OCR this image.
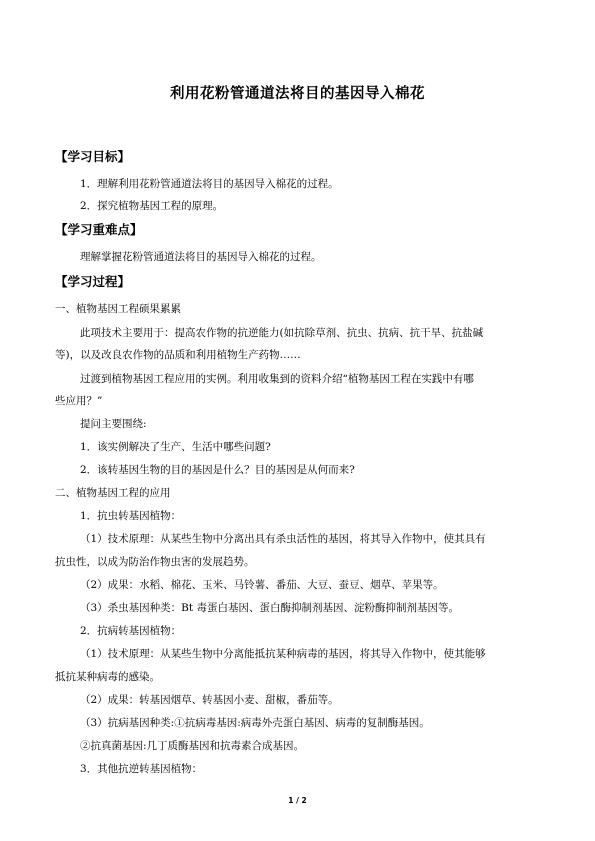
利用花粉管通道法将目的基因导入棉花
【学习目标】
1．理解利用花粉管通道法将目的基因导入棉花的过程。
2．探究植物基因工程的原理。
【学习重难点】
理解掌握花粉管通道法将目的基因导入棉花的过程。
【学习过程】
一、植物基因工程硕果累累
此项技术主要用于：提高农作物的抗逆能力(如抗除草剂、抗虫、抗病、抗干旱、抗盐碱
等)，以及改良农作物的品质和利用植物生产药物……
过渡到植物基因工程应用的实例。利用收集到的资料介绍“植物基因工程在实践中有哪
些应用？”
提问主要围绕:
1．该实例解决了生产、生活中哪些问题?
2．该转基因生物的目的基因是什么？目的基因是从何而来?
二、植物基因工程的应用
1．抗虫转基因植物：
（1）技术原理：从某些生物中分离出具有杀虫活性的基因，将其导入作物中，使其具有
抗虫性，以成为防治作物虫害的发展趋势。
（2）成果：水稻、棉花、玉米、马铃薯、番茄、大豆、蚕豆、烟草、苹果等。
（3）杀虫基因种类：Bt 毒蛋白基因、蛋白酶抑制剂基因、淀粉酶抑制剂基因等。
2．抗病转基因植物：
（1）技术原理：从某些生物中分离能抵抗某种病毒的基因，将其导入作物中，使其能够
抵抗某种病毒的感染。
（2）成果：转基因烟草、转基因小麦、甜椒，番茄等。
（3）抗病基因种类:①抗病毒基因:病毒外壳蛋白基因、病毒的复制酶基因。
②抗真菌基因:几丁质酶基因和抗毒素合成基因。
3．其他抗逆转基因植物：
1 / 2
